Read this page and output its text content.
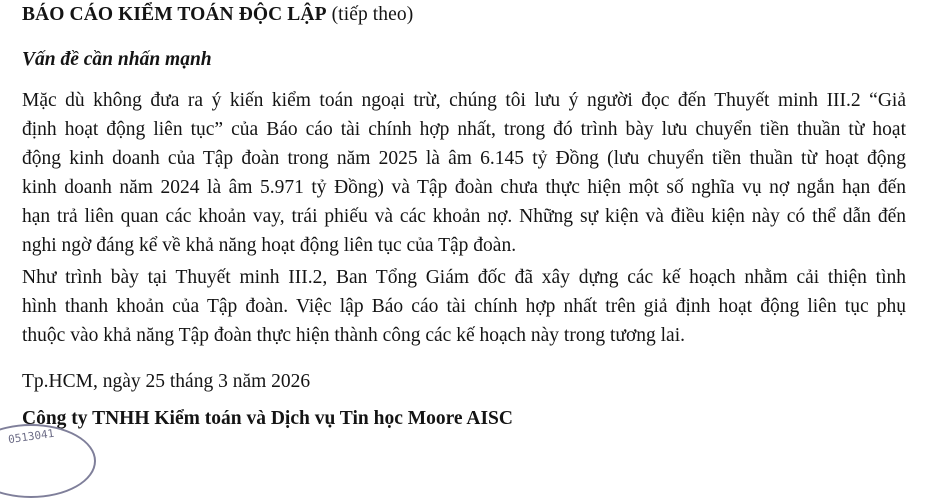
BÁO CÁO KIỂM TOÁN ĐỘC LẬP (tiếp theo)
Vấn đề cần nhấn mạnh
Mặc dù không đưa ra ý kiến kiểm toán ngoại trừ, chúng tôi lưu ý người đọc đến Thuyết minh III.2 “Giả
định hoạt động liên tục” của Báo cáo tài chính hợp nhất, trong đó trình bày lưu chuyển tiền thuần từ hoạt
động kinh doanh của Tập đoàn trong năm 2025 là âm 6.145 tỷ Đồng (lưu chuyển tiền thuần từ hoạt động
kinh doanh năm 2024 là âm 5.971 tỷ Đồng) và Tập đoàn chưa thực hiện một số nghĩa vụ nợ ngắn hạn đến
hạn trả liên quan các khoản vay, trái phiếu và các khoản nợ. Những sự kiện và điều kiện này có thể dẫn đến
nghi ngờ đáng kể về khả năng hoạt động liên tục của Tập đoàn.
Như trình bày tại Thuyết minh III.2, Ban Tổng Giám đốc đã xây dựng các kế hoạch nhằm cải thiện tình
hình thanh khoản của Tập đoàn. Việc lập Báo cáo tài chính hợp nhất trên giả định hoạt động liên tục phụ
thuộc vào khả năng Tập đoàn thực hiện thành công các kế hoạch này trong tương lai.
Tp.HCM, ngày 25 tháng 3 năm 2026
Công ty TNHH Kiểm toán và Dịch vụ Tin học Moore AISC
0513041
